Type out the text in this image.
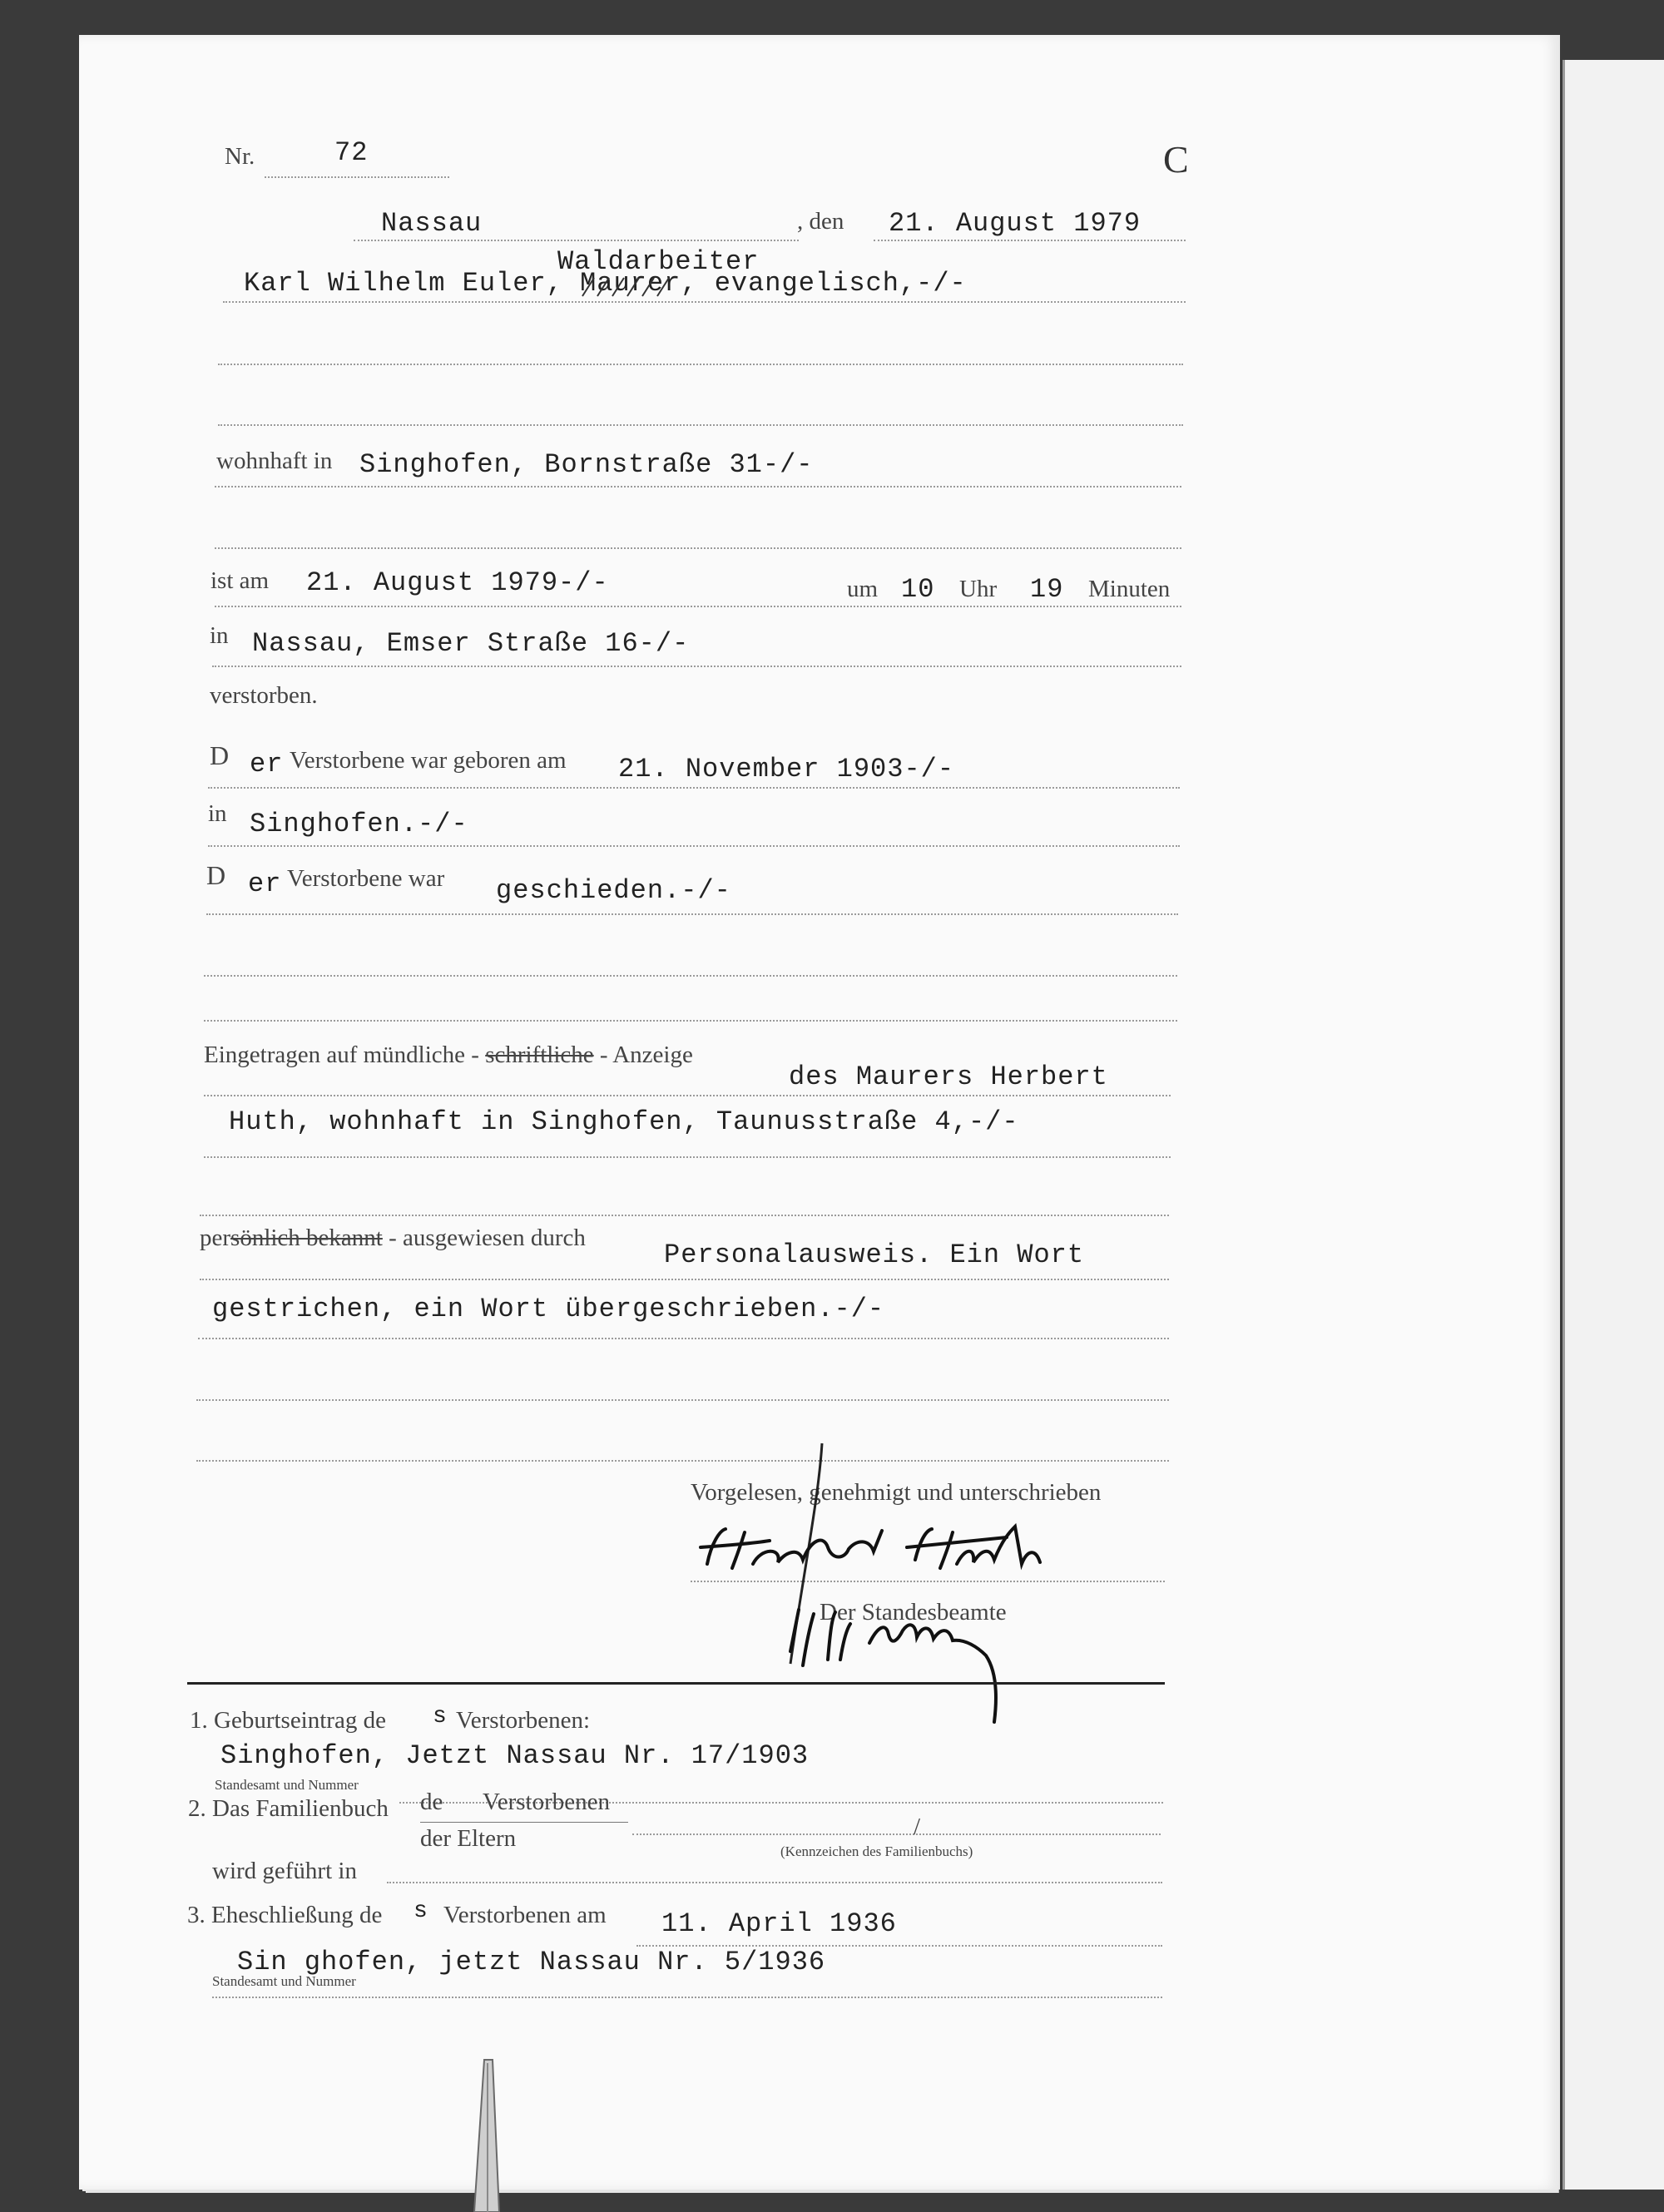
Nr.	72	C
Nassau	, den 21. August 1979
Waldarbeiter
Karl Wilhelm Euler, Maurer
, evangelisch,-/-
wohnhaft in Singhofen, Bornstraße 31-/-
ist am 21. August 1979-/-	um 10 Uhr 19 Minuten
in Nassau, Emser Straße 16-/-
verstorben.
D er Verstorbene war geboren am 21. November 1903-/-
in Singhofen.-/-
D er Verstorbene war geschieden.-/-
Eingetragen auf mündliche - schriftliche - Anzeige
des Maurers Herbert
Huth, wohnhaft in Singhofen, Taunusstraße 4,-/-
persönlich bekannt - ausgewiesen durch
Personalausweis. Ein Wort
gestrichen, ein Wort übergeschrieben.-/-
Vorgelesen, genehmigt und unterschrieben
Der Standesbeamte
1. Geburtseintrag de s Verstorbenen:
Singhofen, Jetzt Nassau Nr. 17/1903
Standesamt und Nummer
2. Das Familienbuch de Verstorbenen
der Eltern	/
(Kennzeichen des Familienbuchs)
wird geführt in
3. Eheschließung de s Verstorbenen am 11. April 1936
Sin ghofen, jetzt Nassau Nr. 5/1936
Standesamt und Nummer
